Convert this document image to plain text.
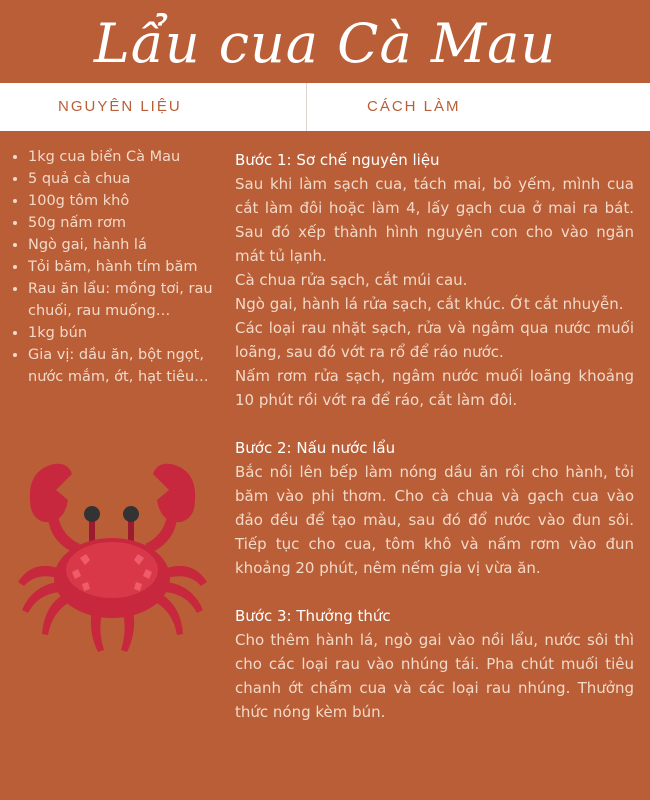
Lẩu cua Cà Mau
NGUYÊN LIỆU	CÁCH LÀM
• 1kg cua biển Cà Mau
• 5 quả cà chua
• 100g tôm khô
• 50g nấm rơm
• Ngò gai, hành lá
• Tỏi băm, hành tím băm
• Rau ăn lẩu: mồng tơi, rau chuối, rau muống…
• 1kg bún
• Gia vị: dầu ăn, bột ngọt, nước mắm, ớt, hạt tiêu…
Bước 1: Sơ chế nguyên liệu

Sau khi làm sạch cua, tách mai, bỏ yếm, mình cua cắt làm đôi hoặc làm 4, lấy gạch cua ở mai ra bát. Sau đó xếp thành hình nguyên con cho vào ngăn mát tủ lạnh.

Cà chua rửa sạch, cắt múi cau.

Ngò gai, hành lá rửa sạch, cắt khúc. Ớt cắt nhuyễn.

Các loại rau nhặt sạch, rửa và ngâm qua nước muối loãng, sau đó vớt ra rổ để ráo nước.

Nấm rơm rửa sạch, ngâm nước muối loãng khoảng 10 phút rồi vớt ra để ráo, cắt làm đôi.

Bước 2: Nấu nước lẩu

Bắc nồi lên bếp làm nóng dầu ăn rồi cho hành, tỏi băm vào phi thơm. Cho cà chua và gạch cua vào đảo đều để tạo màu, sau đó đổ nước vào đun sôi. Tiếp tục cho cua, tôm khô và nấm rơm vào đun khoảng 20 phút, nêm nếm gia vị vừa ăn.

Bước 3: Thưởng thức

Cho thêm hành lá, ngò gai vào nồi lẩu, nước sôi thì cho các loại rau vào nhúng tái. Pha chút muối tiêu chanh ớt chấm cua và các loại rau nhúng. Thưởng thức nóng kèm bún.
